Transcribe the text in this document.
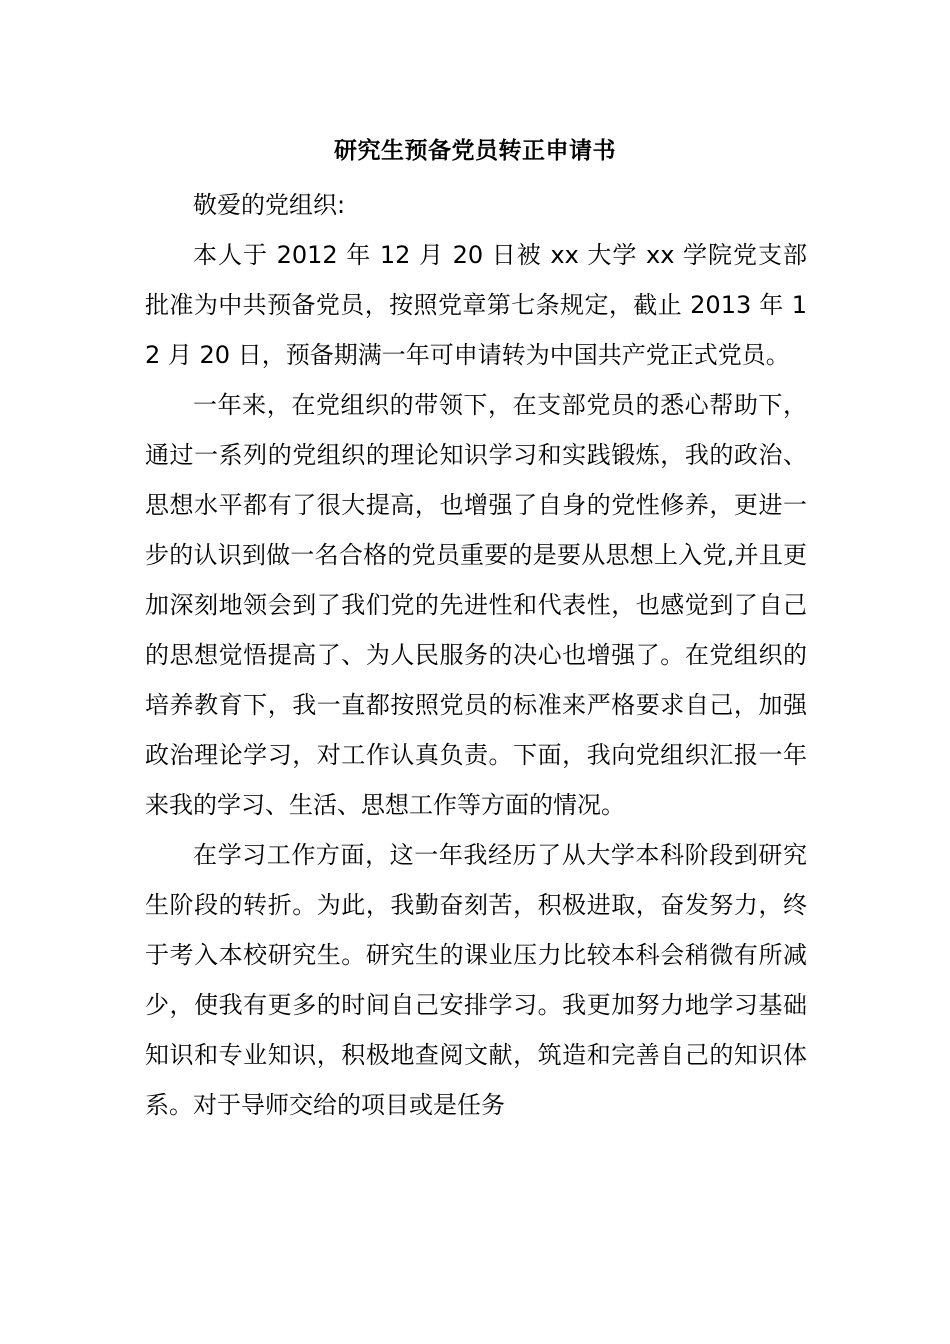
研究生预备党员转正申请书

敬爱的党组织:

本人于 2012 年 12 月 20 日被 xx 大学 xx 学院党支部批准为中共预备党员，按照党章第七条规定，截止 2013 年 12 月 20 日，预备期满一年可申请转为中国共产党正式党员。

一年来，在党组织的带领下，在支部党员的悉心帮助下，通过一系列的党组织的理论知识学习和实践锻炼，我的政治、思想水平都有了很大提高，也增强了自身的党性修养，更进一步的认识到做一名合格的党员重要的是要从思想上入党,并且更加深刻地领会到了我们党的先进性和代表性，也感觉到了自己的思想觉悟提高了、为人民服务的决心也增强了。在党组织的培养教育下，我一直都按照党员的标准来严格要求自己，加强政治理论学习，对工作认真负责。下面，我向党组织汇报一年来我的学习、生活、思想工作等方面的情况。

在学习工作方面，这一年我经历了从大学本科阶段到研究生阶段的转折。为此，我勤奋刻苦，积极进取，奋发努力，终于考入本校研究生。研究生的课业压力比较本科会稍微有所减少，使我有更多的时间自己安排学习。我更加努力地学习基础知识和专业知识，积极地查阅文献，筑造和完善自己的知识体系。对于导师交给的项目或是任务
